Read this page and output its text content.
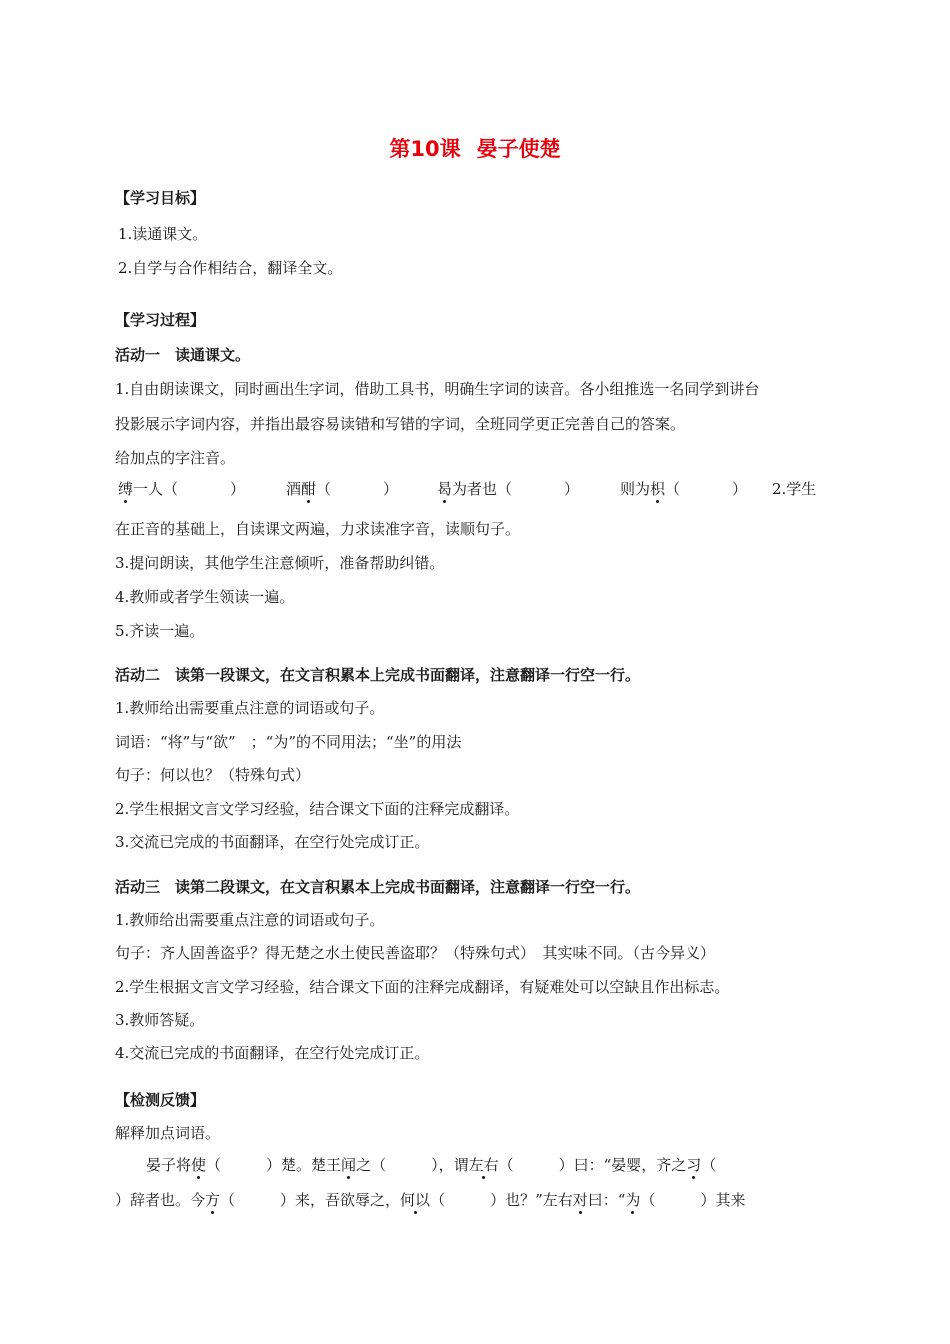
第10课 晏子使楚
【学习目标】
1.读通课文。
2.自学与合作相结合，翻译全文。
【学习过程】
活动一　读通课文。
1.自由朗读课文，同时画出生字词，借助工具书，明确生字词的读音。各小组推选一名同学到讲台
投影展示字词内容，并指出最容易读错和写错的字词，全班同学更正完善自己的答案。
给加点的字注音。
缚一人（	）	酒酣（	）	曷为者也（	）	则为枳（	） 2.学生
在正音的基础上，自读课文两遍，力求读准字音，读顺句子。
3.提问朗读，其他学生注意倾听，准备帮助纠错。
4.教师或者学生领读一遍。
5.齐读一遍。
活动二　读第一段课文，在文言积累本上完成书面翻译，注意翻译一行空一行。
1.教师给出需要重点注意的词语或句子。
词语：“将”与“欲”　；“为”的不同用法；“坐”的用法
句子：何以也？（特殊句式）
2.学生根据文言文学习经验，结合课文下面的注释完成翻译。
3.交流已完成的书面翻译，在空行处完成订正。
活动三　读第二段课文，在文言积累本上完成书面翻译，注意翻译一行空一行。
1.教师给出需要重点注意的词语或句子。
句子：齐人固善盗乎？得无楚之水土使民善盗耶？（特殊句式）　其实味不同。（古今异义）
2.学生根据文言文学习经验，结合课文下面的注释完成翻译，有疑难处可以空缺且作出标志。
3.教师答疑。
4.交流已完成的书面翻译，在空行处完成订正。
【检测反馈】
解释加点词语。
晏子将使（　　　）楚。楚王闻之（　　　），谓左右（　　　）曰：“晏婴，齐之习（
）辞者也。今方（　　　）来，吾欲辱之，何以（　　　）也？”左右对曰：“为（　　　）其来
